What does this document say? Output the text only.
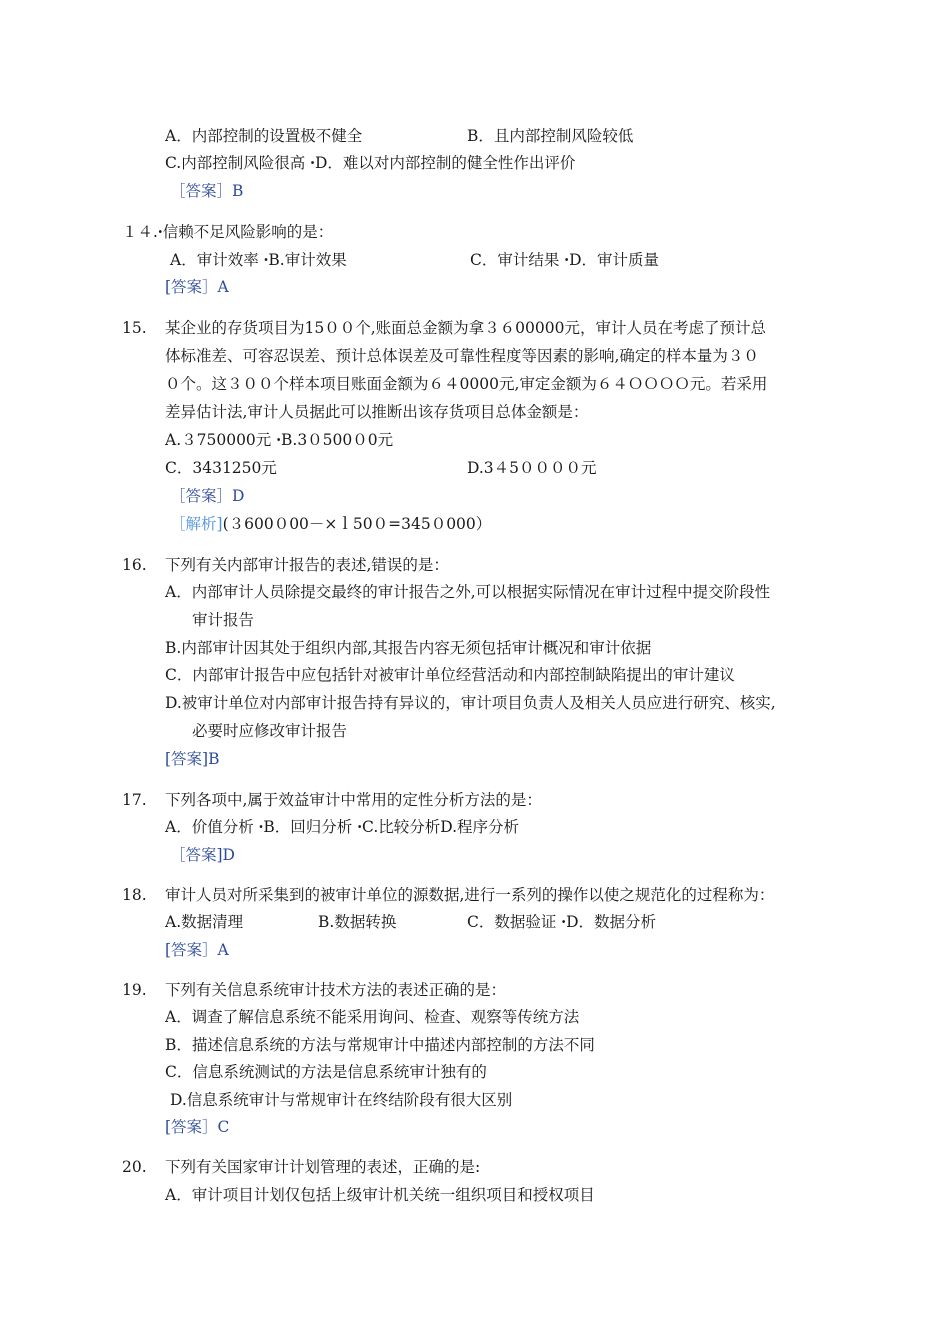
A．内部控制的设置极不健全	B．且内部控制风险较低
C.内部控制风险很高 ꞏD．难以对内部控制的健全性作出评价
［答案］B
１４.ꞏ信赖不足风险影响的是：
A．审计效率 ꞏB.审计效果	C．审计结果 ꞏD．审计质量
[答案］A
15. 某企业的存货项目为15００个,账面总金额为拿３６00000元，审计人员在考虑了预计总
体标准差、可容忍误差、预计总体误差及可靠性程度等因素的影响,确定的样本量为３０
０个。这３００个样本项目账面金额为６４0000元,审定金额为６４ＯＯＯＯ元。若采用
差异估计法,审计人员据此可以推断出该存货项目总体金额是：
A.３750000元 ꞏB.3０500０0元
C．3431250元	D.3４5００００元
［答案］D
［解析](３600０00－×ｌ50０=345０000）
16. 下列有关内部审计报告的表述,错误的是：
A．内部审计人员除提交最终的审计报告之外,可以根据实际情况在审计过程中提交阶段性
审计报告
B.内部审计因其处于组织内部,其报告内容无须包括审计概况和审计依据
C．内部审计报告中应包括针对被审计单位经营活动和内部控制缺陷提出的审计建议
D.被审计单位对内部审计报告持有异议的，审计项目负责人及相关人员应进行研究、核实,
必要时应修改审计报告
[答案]B
17. 下列各项中,属于效益审计中常用的定性分析方法的是：
A．价值分析 ꞏB．回归分析 ꞏC.比较分析D.程序分析
［答案]D
18. 审计人员对所采集到的被审计单位的源数据,进行一系列的操作以使之规范化的过程称为：
A.数据清理	B.数据转换	C．数据验证 ꞏD．数据分析
[答案］A
19. 下列有关信息系统审计技术方法的表述正确的是：
A．调查了解信息系统不能采用询问、检查、观察等传统方法
B．描述信息系统的方法与常规审计中描述内部控制的方法不同
C．信息系统测试的方法是信息系统审计独有的
D.信息系统审计与常规审计在终结阶段有很大区别
[答案］C
20. 下列有关国家审计计划管理的表述，正确的是:
A．审计项目计划仅包括上级审计机关统一组织项目和授权项目
